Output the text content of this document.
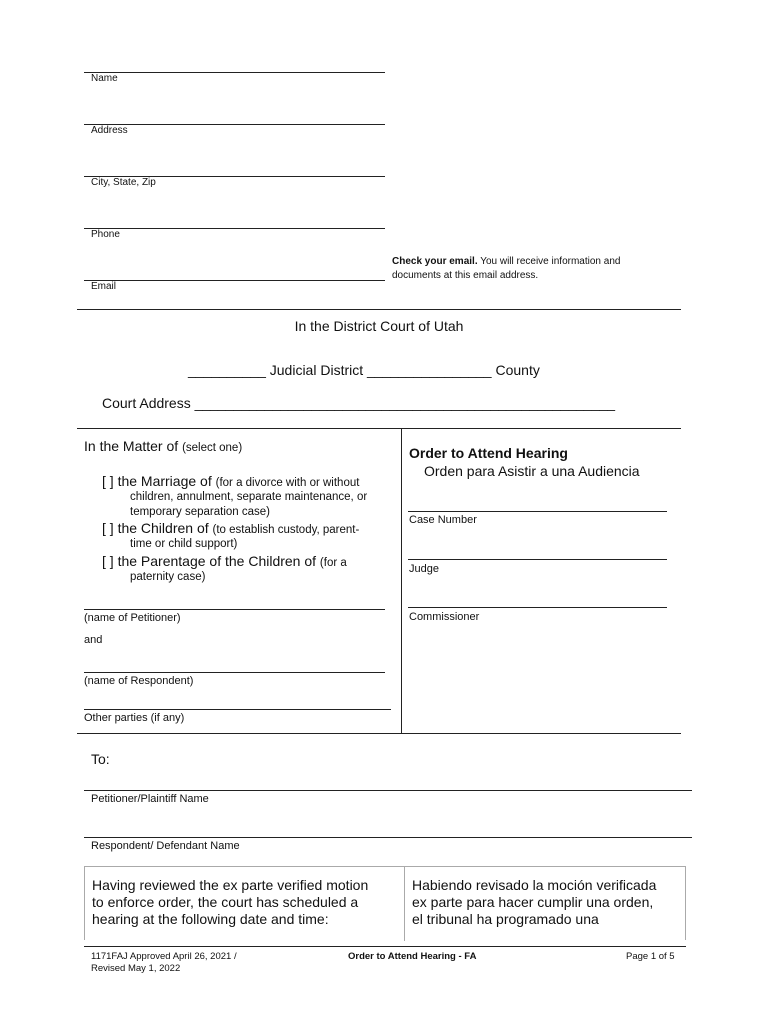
Name
Address
City, State, Zip
Phone
Email
Check your email. You will receive information and
documents at this email address.
In the District Court of Utah
__________ Judicial District ________________ County
Court Address ______________________________________________________
In the Matter of (select one)
[ ] the Marriage of (for a divorce with or without
children, annulment, separate maintenance, or
temporary separation case)
[ ] the Children of (to establish custody, parent-
time or child support)
[ ] the Parentage of the Children of (for a
paternity case)
(name of Petitioner)
and
(name of Respondent)
Other parties (if any)
Order to Attend Hearing
Orden para Asistir a una Audiencia
Case Number
Judge
Commissioner
To:
Petitioner/Plaintiff Name
Respondent/ Defendant Name
Having reviewed the ex parte verified motion
to enforce order, the court has scheduled a
hearing at the following date and time:
Habiendo revisado la moción verificada
ex parte para hacer cumplir una orden,
el tribunal ha programado una
1171FAJ Approved April 26, 2021 /
Revised May 1, 2022
Order to Attend Hearing - FA	Page 1 of 5
